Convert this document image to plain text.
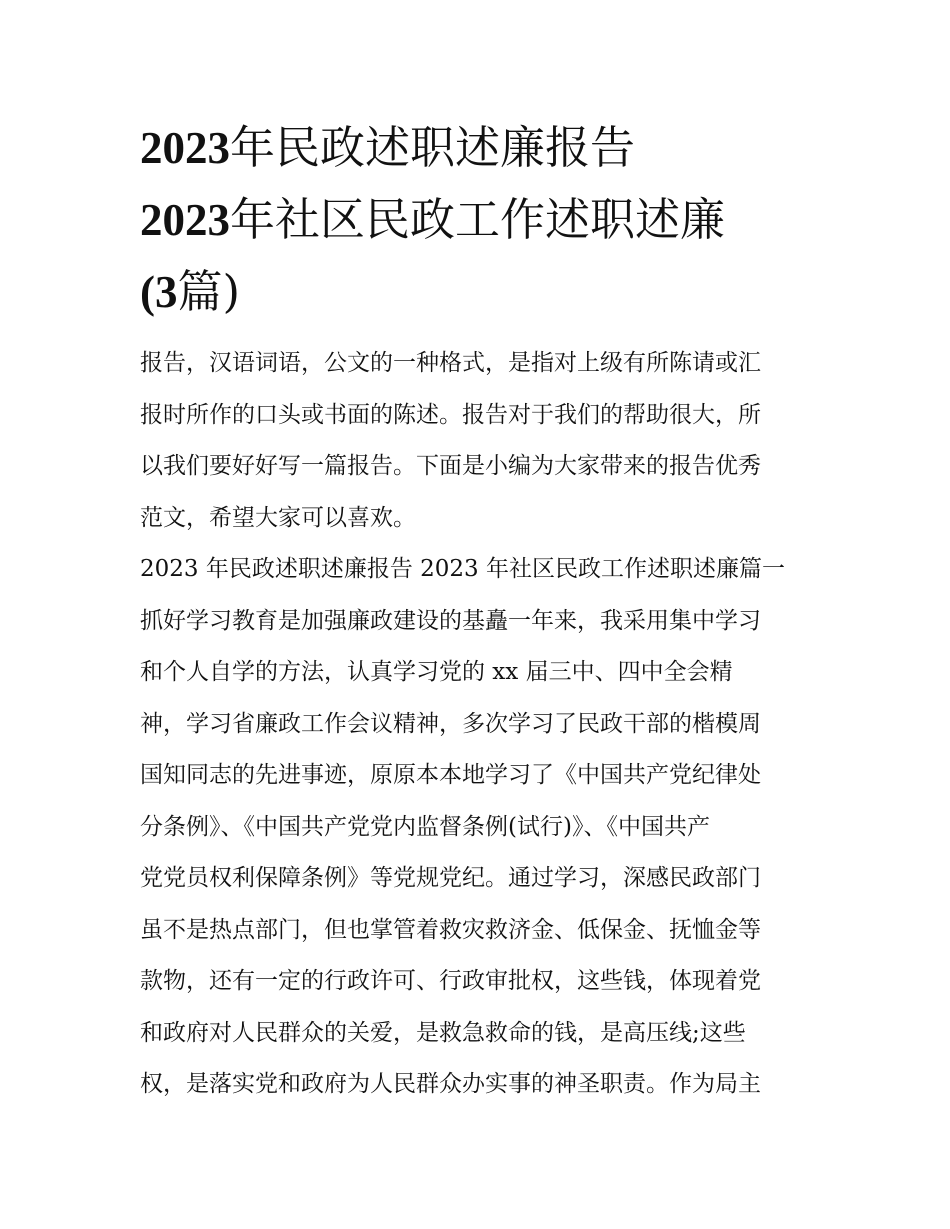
2023年民政述职述廉报告
2023年社区民政工作述职述廉
(3篇)
报告，汉语词语，公文的一种格式，是指对上级有所陈请或汇
报时所作的口头或书面的陈述。报告对于我们的帮助很大，所
以我们要好好写一篇报告。下面是小编为大家带来的报告优秀
范文，希望大家可以喜欢。
2023 年民政述职述廉报告 2023 年社区民政工作述职述廉篇一
抓好学习教育是加强廉政建设的基矗一年来，我采用集中学习
和个人自学的方法，认真学习党的 xx 届三中、四中全会精
神，学习省廉政工作会议精神，多次学习了民政干部的楷模周
国知同志的先进事迹，原原本本地学习了《中国共产党纪律处
分条例》、《中国共产党党内监督条例(试行)》、《中国共产
党党员权利保障条例》等党规党纪。通过学习，深感民政部门
虽不是热点部门，但也掌管着救灾救济金、低保金、抚恤金等
款物，还有一定的行政许可、行政审批权，这些钱，体现着党
和政府对人民群众的关爱，是救急救命的钱，是高压线;这些
权，是落实党和政府为人民群众办实事的神圣职责。作为局主
